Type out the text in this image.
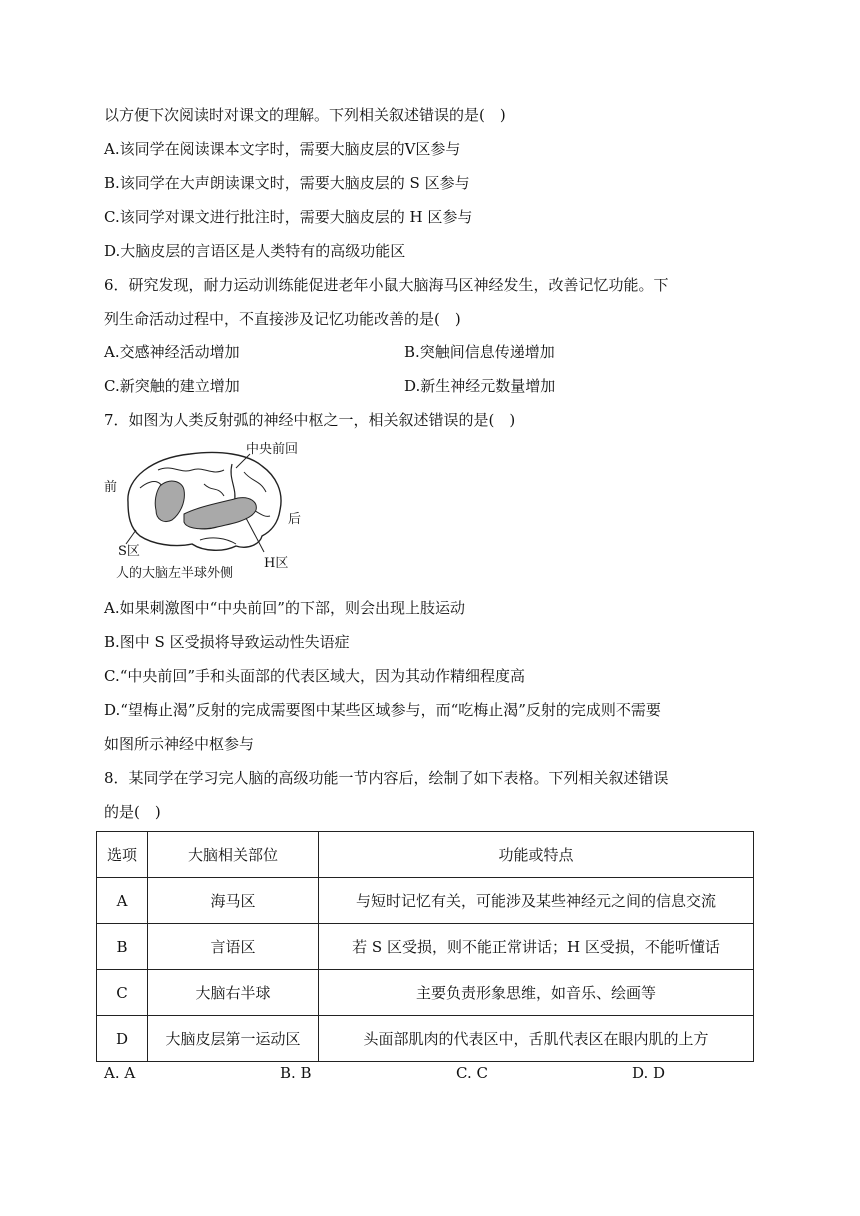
以方便下次阅读时对课文的理解。下列相关叙述错误的是(　)
A.该同学在阅读课本文字时，需要大脑皮层的Ⅴ区参与
B.该同学在大声朗读课文时，需要大脑皮层的 S 区参与
C.该同学对课文进行批注时，需要大脑皮层的 H 区参与
D.大脑皮层的言语区是人类特有的高级功能区
6．研究发现，耐力运动训练能促进老年小鼠大脑海马区神经发生，改善记忆功能。下
列生命活动过程中，不直接涉及记忆功能改善的是(　)
A.交感神经活动增加	B.突触间信息传递增加
C.新突触的建立增加	D.新生神经元数量增加
7．如图为人类反射弧的神经中枢之一，相关叙述错误的是(　)
中央前回
前
后
S区
H区
人的大脑左半球外侧
A.如果刺激图中“中央前回”的下部，则会出现上肢运动
B.图中 S 区受损将导致运动性失语症
C.“中央前回”手和头面部的代表区域大，因为其动作精细程度高
D.“望梅止渴”反射的完成需要图中某些区域参与，而“吃梅止渴”反射的完成则不需要
如图所示神经中枢参与
8．某同学在学习完人脑的高级功能一节内容后，绘制了如下表格。下列相关叙述错误
的是(　)
选项	大脑相关部位	功能或特点
A	海马区	与短时记忆有关，可能涉及某些神经元之间的信息交流
B	言语区	若 S 区受损，则不能正常讲话；H 区受损，不能听懂话
C	大脑右半球	主要负责形象思维，如音乐、绘画等
D	大脑皮层第一运动区	头面部肌肉的代表区中，舌肌代表区在眼内肌的上方
A. A	B. B	C. C	D. D
